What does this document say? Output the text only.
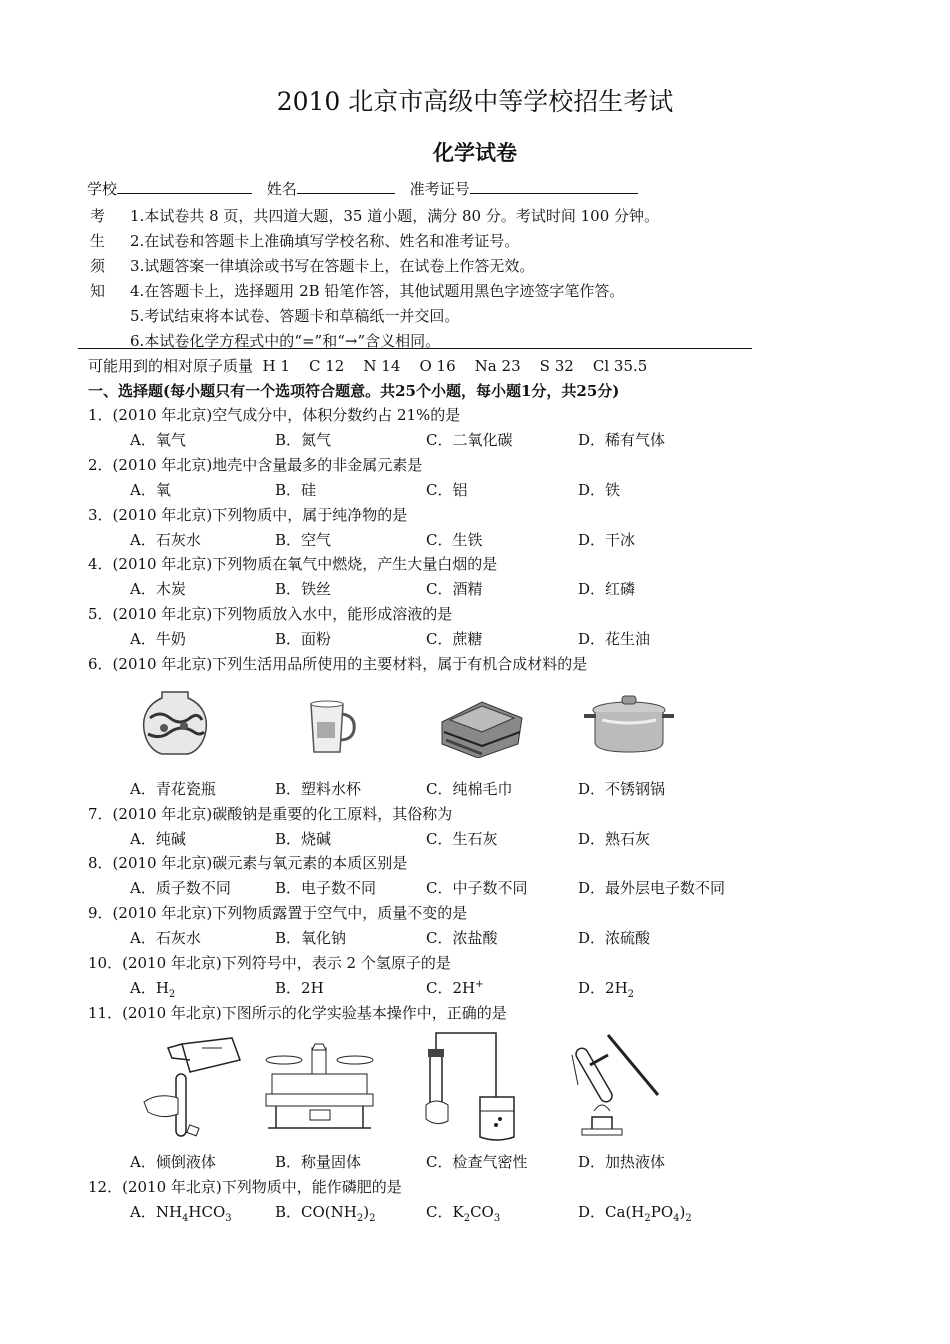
2010 北京市高级中等学校招生考试
化学试卷
学校	姓名	准考证号
考
生
须
知
1.本试卷共 8 页，共四道大题，35 道小题，满分 80 分。考试时间 100 分钟。
2.在试卷和答题卡上准确填写学校名称、姓名和准考证号。
3.试题答案一律填涂或书写在答题卡上，在试卷上作答无效。
4.在答题卡上，选择题用 2B 铅笔作答，其他试题用黑色字迹签字笔作答。
5.考试结束将本试卷、答题卡和草稿纸一并交回。
6.本试卷化学方程式中的“=”和“→”含义相同。
可能用到的相对原子质量  H 1    C 12    N 14    O 16    Na 23    S 32    Cl 35.5
一、选择题(每小题只有一个选项符合题意。共25个小题，每小题1分，共25分)
1．(2010 年北京)空气成分中，体积分数约占 21%的是
A．氧气	B．氮气	C．二氧化碳	D．稀有气体
2．(2010 年北京)地壳中含量最多的非金属元素是
A．氧	B．硅	C．铝	D．铁
3．(2010 年北京)下列物质中，属于纯净物的是
A．石灰水	B．空气	C．生铁	D．干冰
4．(2010 年北京)下列物质在氧气中燃烧，产生大量白烟的是
A．木炭	B．铁丝	C．酒精	D．红磷
5．(2010 年北京)下列物质放入水中，能形成溶液的是
A．牛奶	B．面粉	C．蔗糖	D．花生油
6．(2010 年北京)下列生活用品所使用的主要材料，属于有机合成材料的是
A．青花瓷瓶	B．塑料水杯	C．纯棉毛巾	D．不锈钢锅
7．(2010 年北京)碳酸钠是重要的化工原料，其俗称为
A．纯碱	B．烧碱	C．生石灰	D．熟石灰
8．(2010 年北京)碳元素与氧元素的本质区别是
A．质子数不同	B．电子数不同	C．中子数不同	D．最外层电子数不同
9．(2010 年北京)下列物质露置于空气中，质量不变的是
A．石灰水	B．氧化钠	C．浓盐酸	D．浓硫酸
10．(2010 年北京)下列符号中，表示 2 个氢原子的是
A．$H_2$	B．2H	C．2H+	D．$2H_2$
11．(2010 年北京)下图所示的化学实验基本操作中，正确的是
A．倾倒液体	B．称量固体	C．检查气密性	D．加热液体
12．(2010 年北京)下列物质中，能作磷肥的是
A．$NH_4HCO_3$	B．$CO(NH_2)_2$	C．$K_2CO_3$	D．$Ca(H_2PO_4)_2$
